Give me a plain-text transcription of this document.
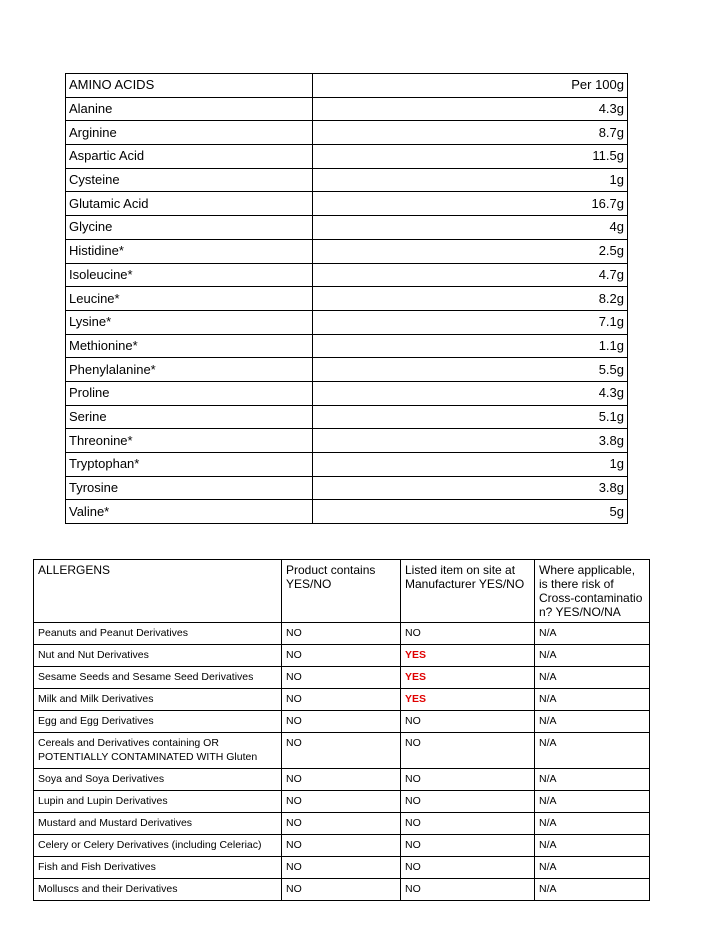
AMINO ACIDS	Per 100g
Alanine	4.3g
Arginine	8.7g
Aspartic Acid	11.5g
Cysteine	1g
Glutamic Acid	16.7g
Glycine	4g
Histidine*	2.5g
Isoleucine*	4.7g
Leucine*	8.2g
Lysine*	7.1g
Methionine*	1.1g
Phenylalanine*	5.5g
Proline	4.3g
Serine	5.1g
Threonine*	3.8g
Tryptophan*	1g
Tyrosine	3.8g
Valine*	5g
ALLERGENS	Product contains YES/NO	Listed item on site at Manufacturer YES/NO	Where applicable, is there risk of Cross-contaminatio n? YES/NO/NA
Peanuts and Peanut Derivatives	NO	NO	N/A
Nut and Nut Derivatives	NO	YES	N/A
Sesame Seeds and Sesame Seed Derivatives	NO	YES	N/A
Milk and Milk Derivatives	NO	YES	N/A
Egg and Egg Derivatives	NO	NO	N/A
Cereals and Derivatives containing OR POTENTIALLY CONTAMINATED WITH Gluten	NO	NO	N/A
Soya and Soya Derivatives	NO	NO	N/A
Lupin and Lupin Derivatives	NO	NO	N/A
Mustard and Mustard Derivatives	NO	NO	N/A
Celery or Celery Derivatives (including Celeriac)	NO	NO	N/A
Fish and Fish Derivatives	NO	NO	N/A
Molluscs and their Derivatives	NO	NO	N/A
